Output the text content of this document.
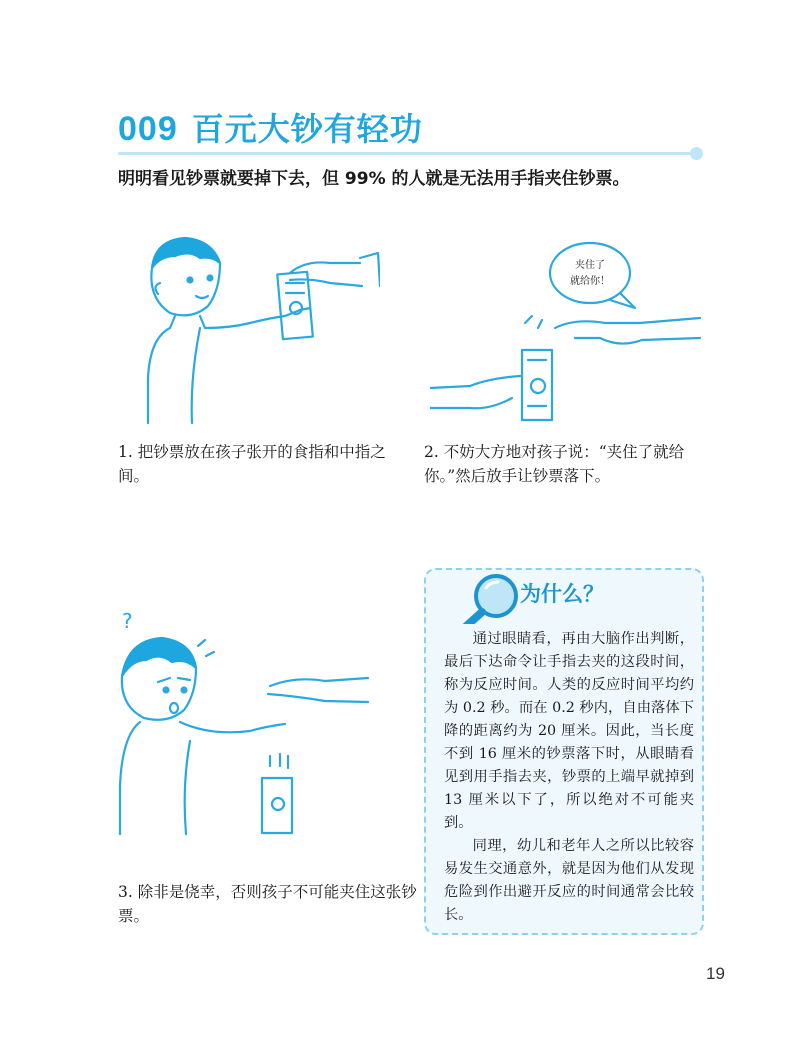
009 百元大钞有轻功
明明看见钞票就要掉下去，但 99% 的人就是无法用手指夹住钞票。
1. 把钞票放在孩子张开的食指和中指之间。
夹住了
就给你！
2. 不妨大方地对孩子说：“夹住了就给你。”然后放手让钞票落下。
?
3. 除非是侥幸，否则孩子不可能夹住这张钞票。
为什么？

通过眼睛看，再由大脑作出判断，最后下达命令让手指去夹的这段时间，称为反应时间。人类的反应时间平均约为 0.2 秒。而在 0.2 秒内，自由落体下降的距离约为 20 厘米。因此，当长度不到 16 厘米的钞票落下时，从眼睛看见到用手指去夹，钞票的上端早就掉到 13 厘米以下了，所以绝对不可能夹到。

同理，幼儿和老年人之所以比较容易发生交通意外，就是因为他们从发现危险到作出避开反应的时间通常会比较长。

19
